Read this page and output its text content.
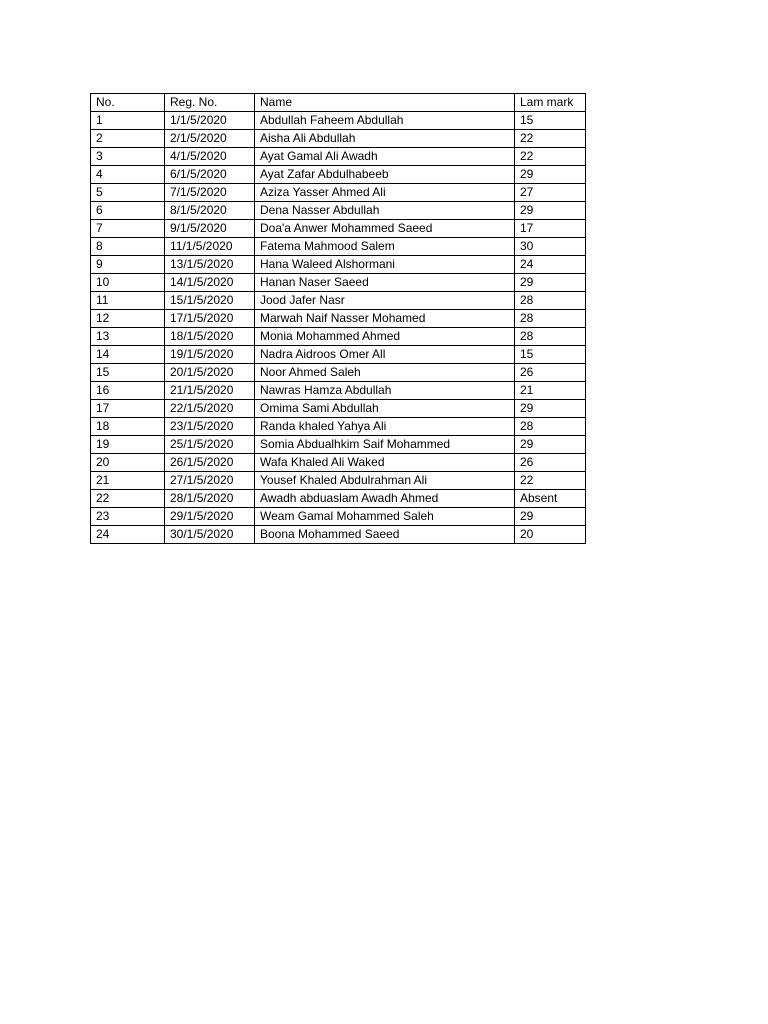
No.	Reg. No.	Name	Lam mark
1	1/1/5/2020	Abdullah Faheem Abdullah	15
2	2/1/5/2020	Aisha Ali Abdullah	22
3	4/1/5/2020	Ayat Gamal Ali Awadh	22
4	6/1/5/2020	Ayat Zafar Abdulhabeeb	29
5	7/1/5/2020	Aziza Yasser Ahmed Ali	27
6	8/1/5/2020	Dena Nasser Abdullah	29
7	9/1/5/2020	Doa'a Anwer Mohammed Saeed	17
8	11/1/5/2020	Fatema Mahmood Salem	30
9	13/1/5/2020	Hana Waleed Alshormani	24
10	14/1/5/2020	Hanan Naser Saeed	29
11	15/1/5/2020	Jood Jafer Nasr	28
12	17/1/5/2020	Marwah Naif Nasser Mohamed	28
13	18/1/5/2020	Monia Mohammed Ahmed	28
14	19/1/5/2020	Nadra Aidroos Omer All	15
15	20/1/5/2020	Noor Ahmed Saleh	26
16	21/1/5/2020	Nawras Hamza Abdullah	21
17	22/1/5/2020	Omima Sami Abdullah	29
18	23/1/5/2020	Randa khaled Yahya Ali	28
19	25/1/5/2020	Somia Abdualhkim Saif Mohammed	29
20	26/1/5/2020	Wafa Khaled Ali Waked	26
21	27/1/5/2020	Yousef Khaled Abdulrahman Ali	22
22	28/1/5/2020	Awadh abduaslam Awadh Ahmed	Absent
23	29/1/5/2020	Weam Gamal Mohammed Saleh	29
24	30/1/5/2020	Boona Mohammed Saeed	20
